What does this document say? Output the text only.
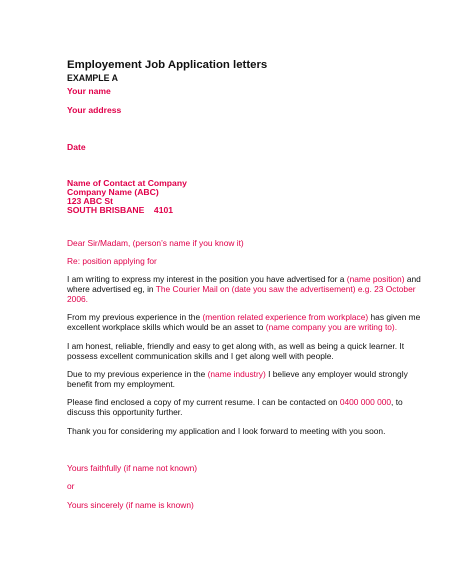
Employement Job Application letters
EXAMPLE A
Your name
Your address
Date
Name of Contact at Company
Company Name (ABC)
123 ABC St
SOUTH BRISBANE 4101
Dear Sir/Madam, (person’s name if you know it)
Re: position applying for
I am writing to express my interest in the position you have advertised for a (name position) and
where advertised eg, in The Courier Mail on (date you saw the advertisement) e.g. 23 October
2006.
From my previous experience in the (mention related experience from workplace) has given me
excellent workplace skills which would be an asset to (name company you are writing to).
I am honest, reliable, friendly and easy to get along with, as well as being a quick learner. It
possess excellent communication skills and I get along well with people.
Due to my previous experience in the (name industry) I believe any employer would strongly
benefit from my employment.
Please find enclosed a copy of my current resume. I can be contacted on 0400 000 000, to
discuss this opportunity further.
Thank you for considering my application and I look forward to meeting with you soon.
Yours faithfully (if name not known)
or
Yours sincerely (if name is known)
